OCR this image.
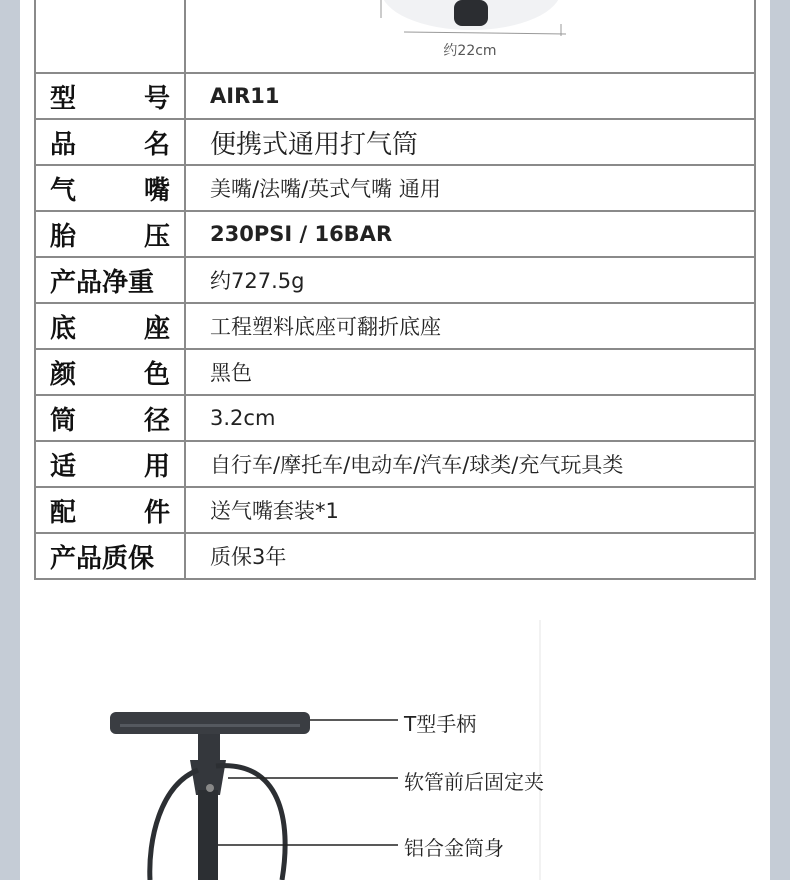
	约22cm

型 号	AIR11

品 名	便携式通用打气筒

气 嘴	美嘴/法嘴/英式气嘴 通用

胎 压	230PSI / 16BAR

产品净重	约727.5g

底 座	工程塑料底座可翻折底座

颜 色	黑色

筒 径	3.2cm

适 用	自行车/摩托车/电动车/汽车/球类/充气玩具类

配 件	送气嘴套装*1

产品质保	质保3年
T型手柄
软管前后固定夹
铝合金筒身
